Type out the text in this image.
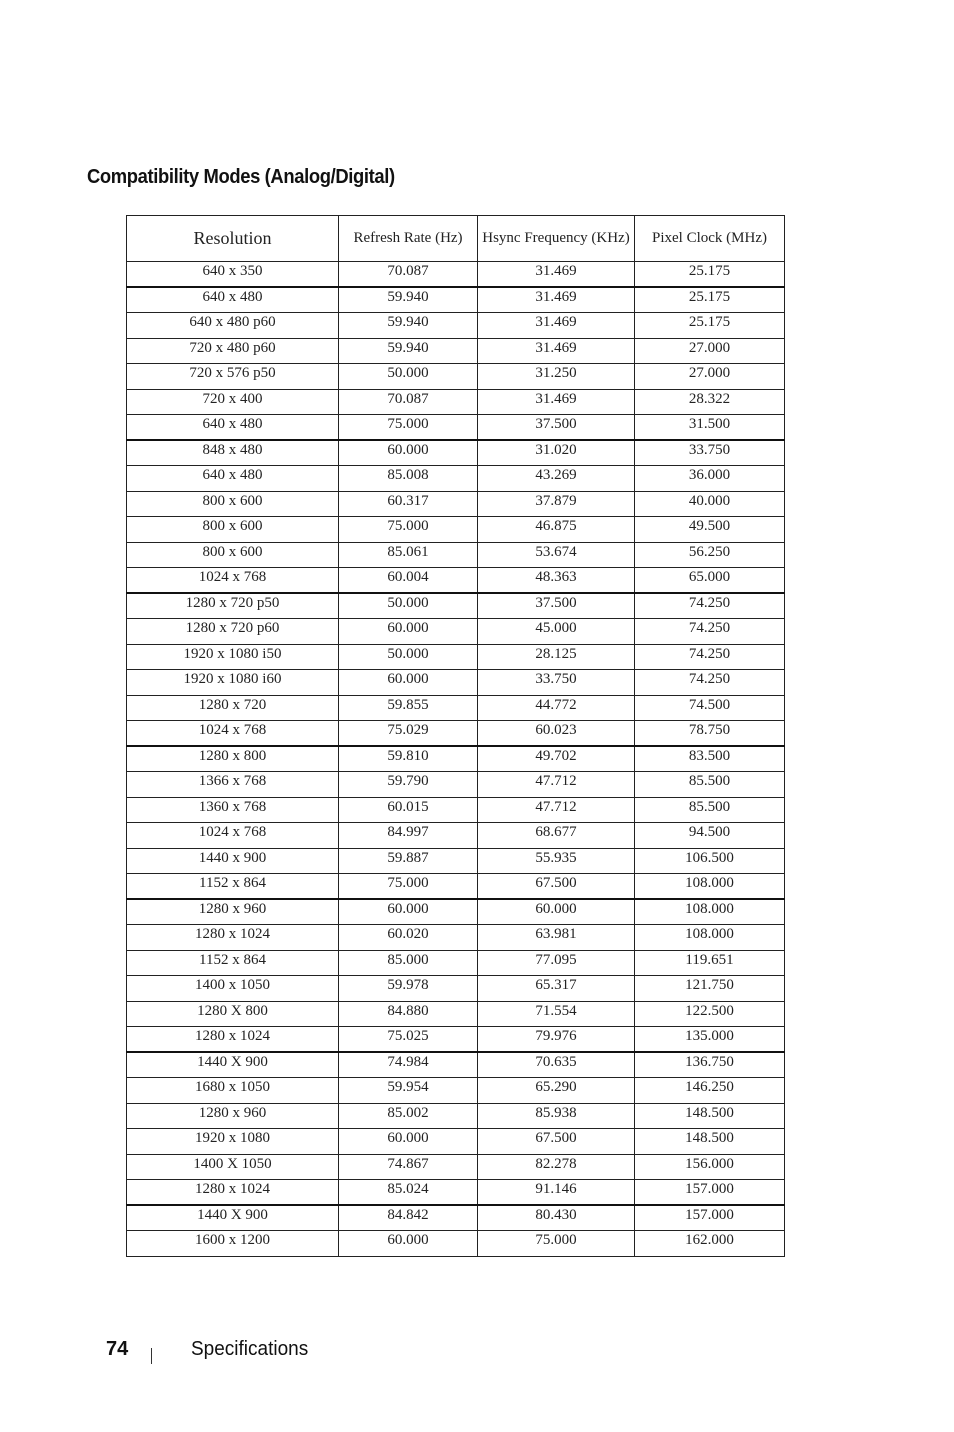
Compatibility Modes (Analog/Digital)
Resolution	Refresh Rate (Hz)	Hsync Frequency (KHz)	Pixel Clock (MHz)
640 x 350	70.087	31.469	25.175
640 x 480	59.940	31.469	25.175
640 x 480 p60	59.940	31.469	25.175
720 x 480 p60	59.940	31.469	27.000
720 x 576 p50	50.000	31.250	27.000
720 x 400	70.087	31.469	28.322
640 x 480	75.000	37.500	31.500
848 x 480	60.000	31.020	33.750
640 x 480	85.008	43.269	36.000
800 x 600	60.317	37.879	40.000
800 x 600	75.000	46.875	49.500
800 x 600	85.061	53.674	56.250
1024 x 768	60.004	48.363	65.000
1280 x 720 p50	50.000	37.500	74.250
1280 x 720 p60	60.000	45.000	74.250
1920 x 1080 i50	50.000	28.125	74.250
1920 x 1080 i60	60.000	33.750	74.250
1280 x 720	59.855	44.772	74.500
1024 x 768	75.029	60.023	78.750
1280 x 800	59.810	49.702	83.500
1366 x 768	59.790	47.712	85.500
1360 x 768	60.015	47.712	85.500
1024 x 768	84.997	68.677	94.500
1440 x 900	59.887	55.935	106.500
1152 x 864	75.000	67.500	108.000
1280 x 960	60.000	60.000	108.000
1280 x 1024	60.020	63.981	108.000
1152 x 864	85.000	77.095	119.651
1400 x 1050	59.978	65.317	121.750
1280 X 800	84.880	71.554	122.500
1280 x 1024	75.025	79.976	135.000
1440 X 900	74.984	70.635	136.750
1680 x 1050	59.954	65.290	146.250
1280 x 960	85.002	85.938	148.500
1920 x 1080	60.000	67.500	148.500
1400 X 1050	74.867	82.278	156.000
1280 x 1024	85.024	91.146	157.000
1440 X 900	84.842	80.430	157.000
1600 x 1200	60.000	75.000	162.000
74	Specifications
